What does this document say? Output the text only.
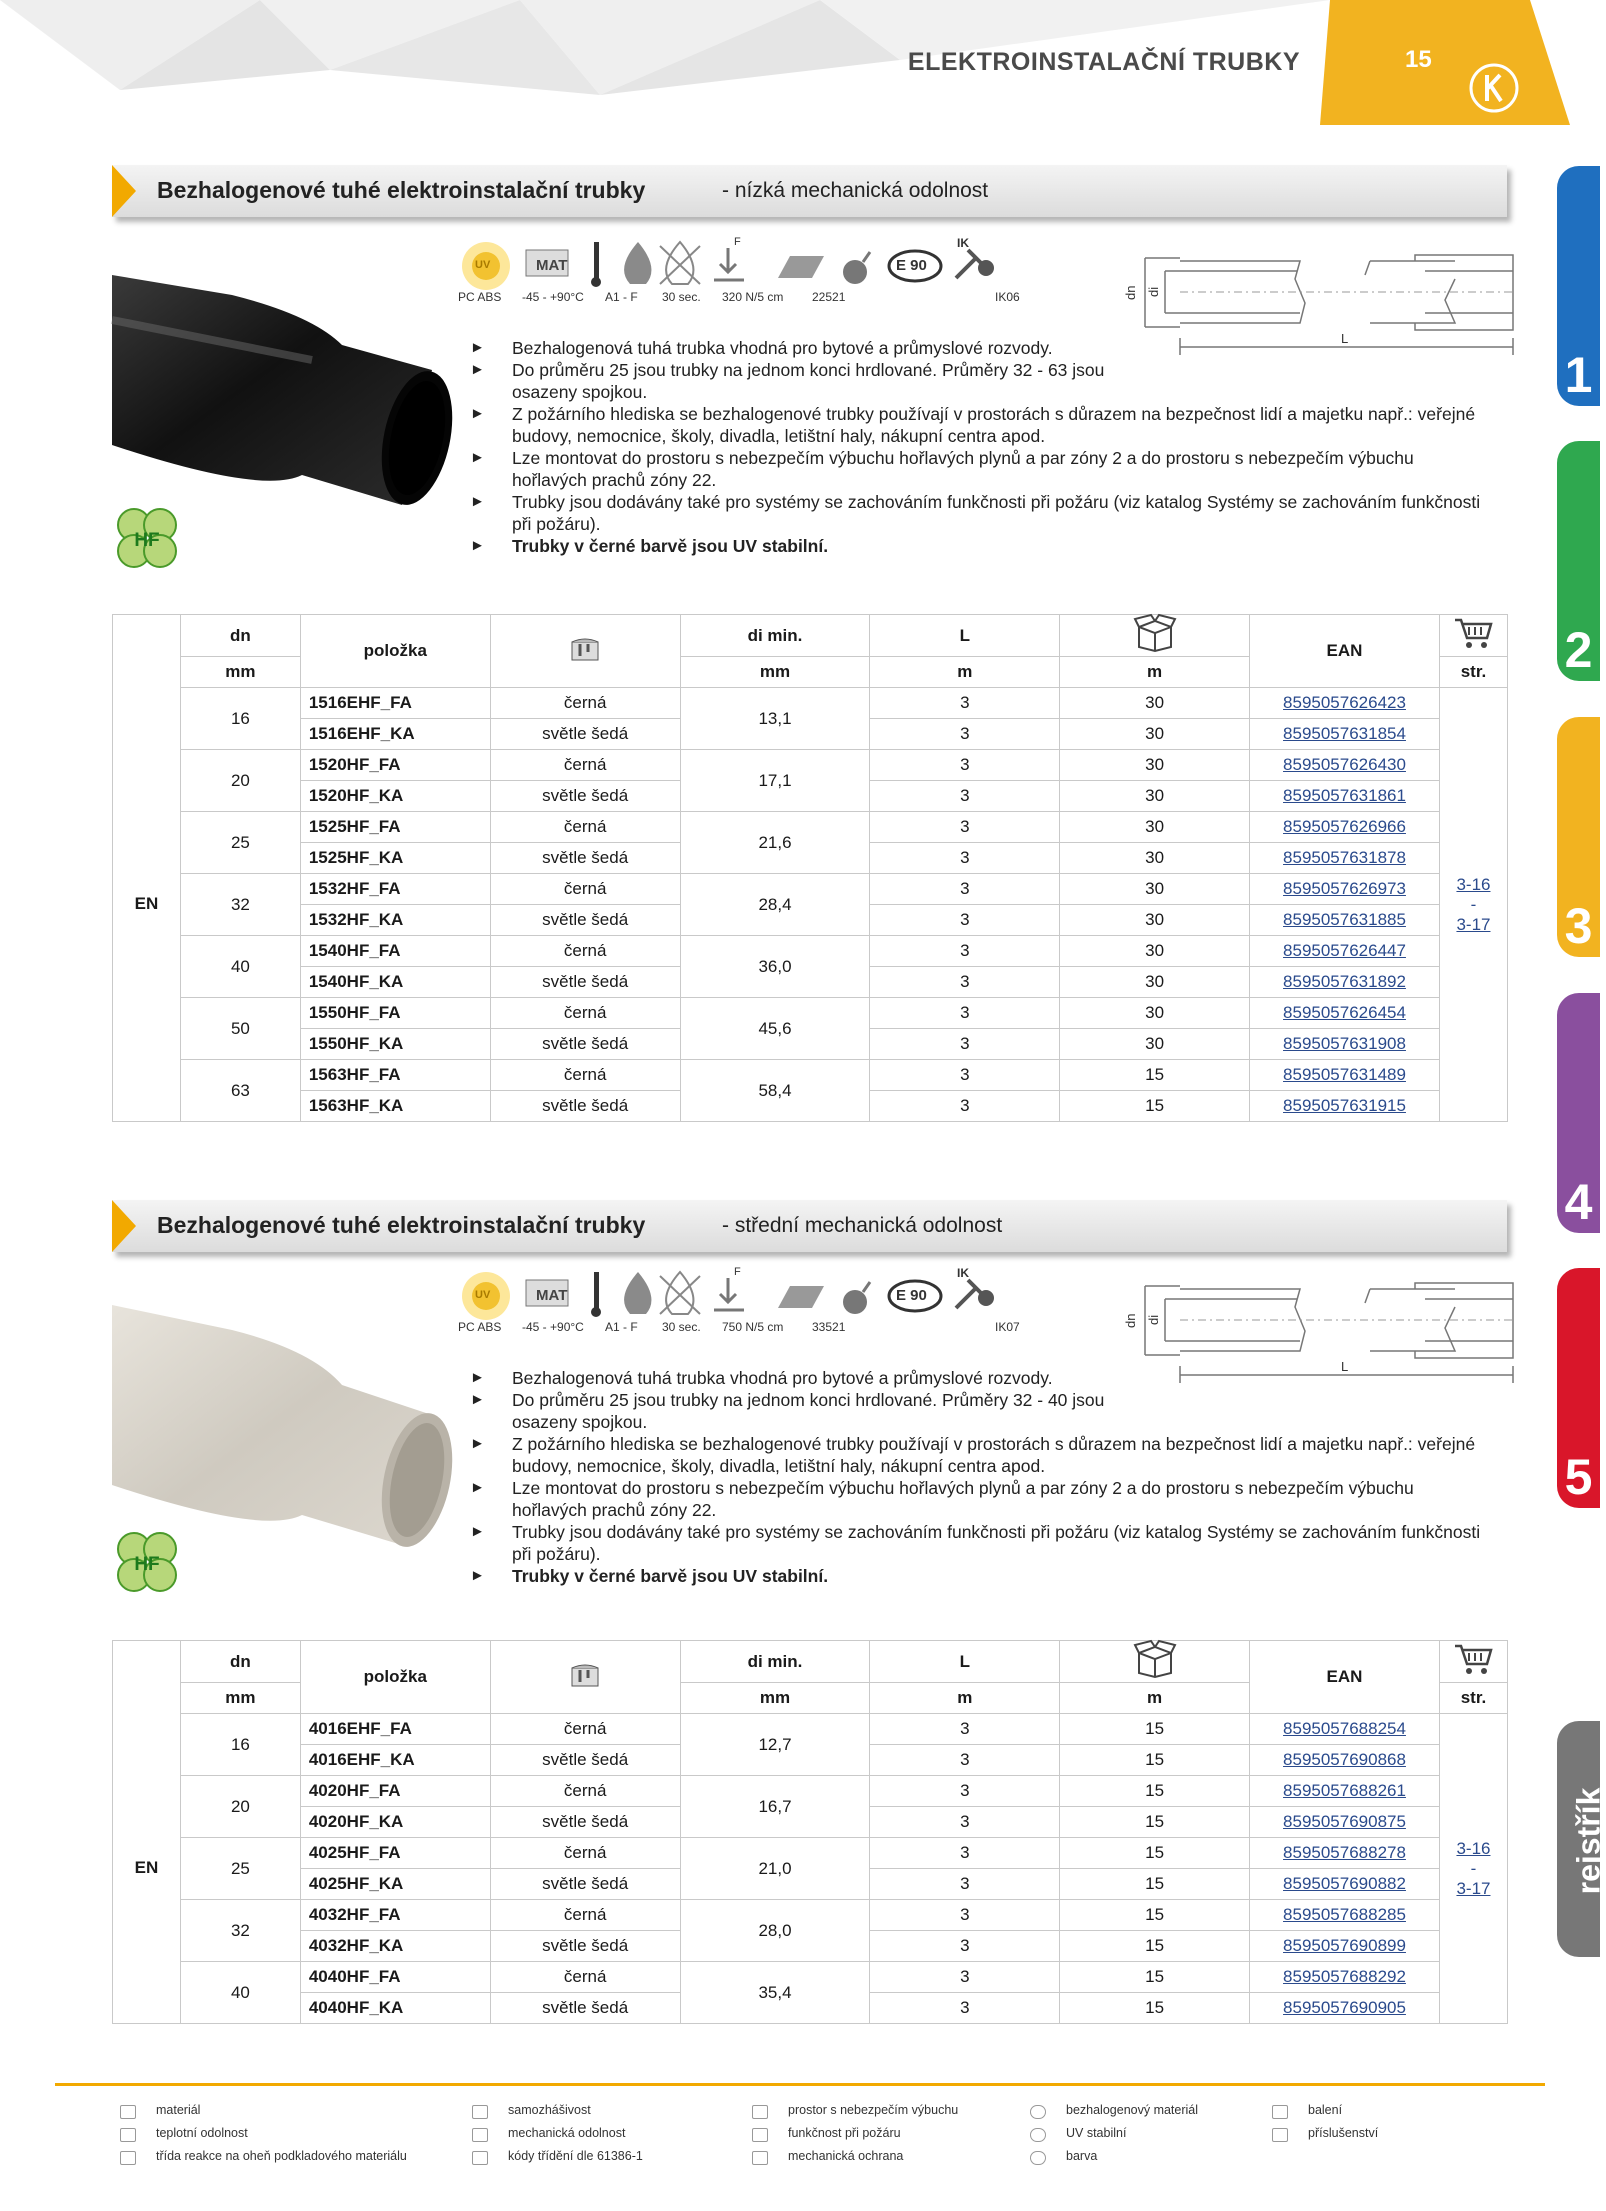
ELEKTROINSTALAČNÍ TRUBKY	15
1
2
3
4
5
rejstřík
Bezhalogenové tuhé elektroinstalační trubky	- nízká mechanická odolnost
HF
MAT
UV	E 90
IK
F
PC ABS -45 - +90°C A1 - F 30 sec. 320 N/5 cm 22521	IK06	dn di
L
► Bezhalogenová tuhá trubka vhodná pro bytové a průmyslové rozvody.
► Do průměru 25 jsou trubky na jednom konci hrdlované. Průměry 32 - 63 jsou osazeny spojkou.
► Z požárního hlediska se bezhalogenové trubky používají v prostorách s důrazem na bezpečnost lidí a majetku např.: veřejné budovy, nemocnice, školy, divadla, letištní haly, nákupní centra apod.
► Lze montovat do prostoru s nebezpečím výbuchu hořlavých plynů a par zóny 2 a do prostoru s nebezpečím výbuchu hořlavých prachů zóny 22.
► Trubky jsou dodávány také pro systémy se zachováním funkčnosti při požáru (viz katalog Systémy se zachováním funkčnosti při požáru).
► Trubky v černé barvě jsou UV stabilní.
	dn	položka		di min.	L		EAN	
	mm			mm	m	m		str.
EN	16	1516EHF_FA	černá	13,1	3	30	8595057626423	3-16
-
3-17
		1516EHF_KA	světle šedá		3	30	8595057631854	
	20	1520HF_FA	černá	17,1	3	30	8595057626430	
		1520HF_KA	světle šedá		3	30	8595057631861	
	25	1525HF_FA	černá	21,6	3	30	8595057626966	
		1525HF_KA	světle šedá		3	30	8595057631878	
	32	1532HF_FA	černá	28,4	3	30	8595057626973	
		1532HF_KA	světle šedá		3	30	8595057631885	
	40	1540HF_FA	černá	36,0	3	30	8595057626447	
		1540HF_KA	světle šedá		3	30	8595057631892	
	50	1550HF_FA	černá	45,6	3	30	8595057626454	
		1550HF_KA	světle šedá		3	30	8595057631908	
	63	1563HF_FA	černá	58,4	3	15	8595057631489	
		1563HF_KA	světle šedá		3	15	8595057631915	
Bezhalogenové tuhé elektroinstalační trubky	- střední mechanická odolnost
HF
MAT
UV	E 90
IK
F
PC ABS -45 - +90°C A1 - F 30 sec. 750 N/5 cm 33521	IK07	dn di
L
► Bezhalogenová tuhá trubka vhodná pro bytové a průmyslové rozvody.
► Do průměru 25 jsou trubky na jednom konci hrdlované. Průměry 32 - 40 jsou osazeny spojkou.
► Z požárního hlediska se bezhalogenové trubky používají v prostorách s důrazem na bezpečnost lidí a majetku např.: veřejné budovy, nemocnice, školy, divadla, letištní haly, nákupní centra apod.
► Lze montovat do prostoru s nebezpečím výbuchu hořlavých plynů a par zóny 2 a do prostoru s nebezpečím výbuchu hořlavých prachů zóny 22.
► Trubky jsou dodávány také pro systémy se zachováním funkčnosti při požáru (viz katalog Systémy se zachováním funkčnosti při požáru).
► Trubky v černé barvě jsou UV stabilní.
	dn	položka		di min.	L		EAN	
	mm			mm	m	m		str.
EN	16	4016EHF_FA	černá	12,7	3	15	8595057688254	3-16
-
3-17
		4016EHF_KA	světle šedá		3	15	8595057690868	
	20	4020HF_FA	černá	16,7	3	15	8595057688261	
		4020HF_KA	světle šedá		3	15	8595057690875	
	25	4025HF_FA	černá	21,0	3	15	8595057688278	
		4025HF_KA	světle šedá		3	15	8595057690882	
	32	4032HF_FA	černá	28,0	3	15	8595057688285	
		4032HF_KA	světle šedá		3	15	8595057690899	
	40	4040HF_FA	černá	35,4	3	15	8595057688292	
		4040HF_KA	světle šedá		3	15	8595057690905	
materiál
teplotní odolnost
třída reakce na oheň podkladového materiálu
samozhášivost
mechanická odolnost
kódy třídění dle 61386-1
prostor s nebezpečím výbuchu
funkčnost při požáru
mechanická ochrana
bezhalogenový materiál
UV stabilní
barva
balení
příslušenství
